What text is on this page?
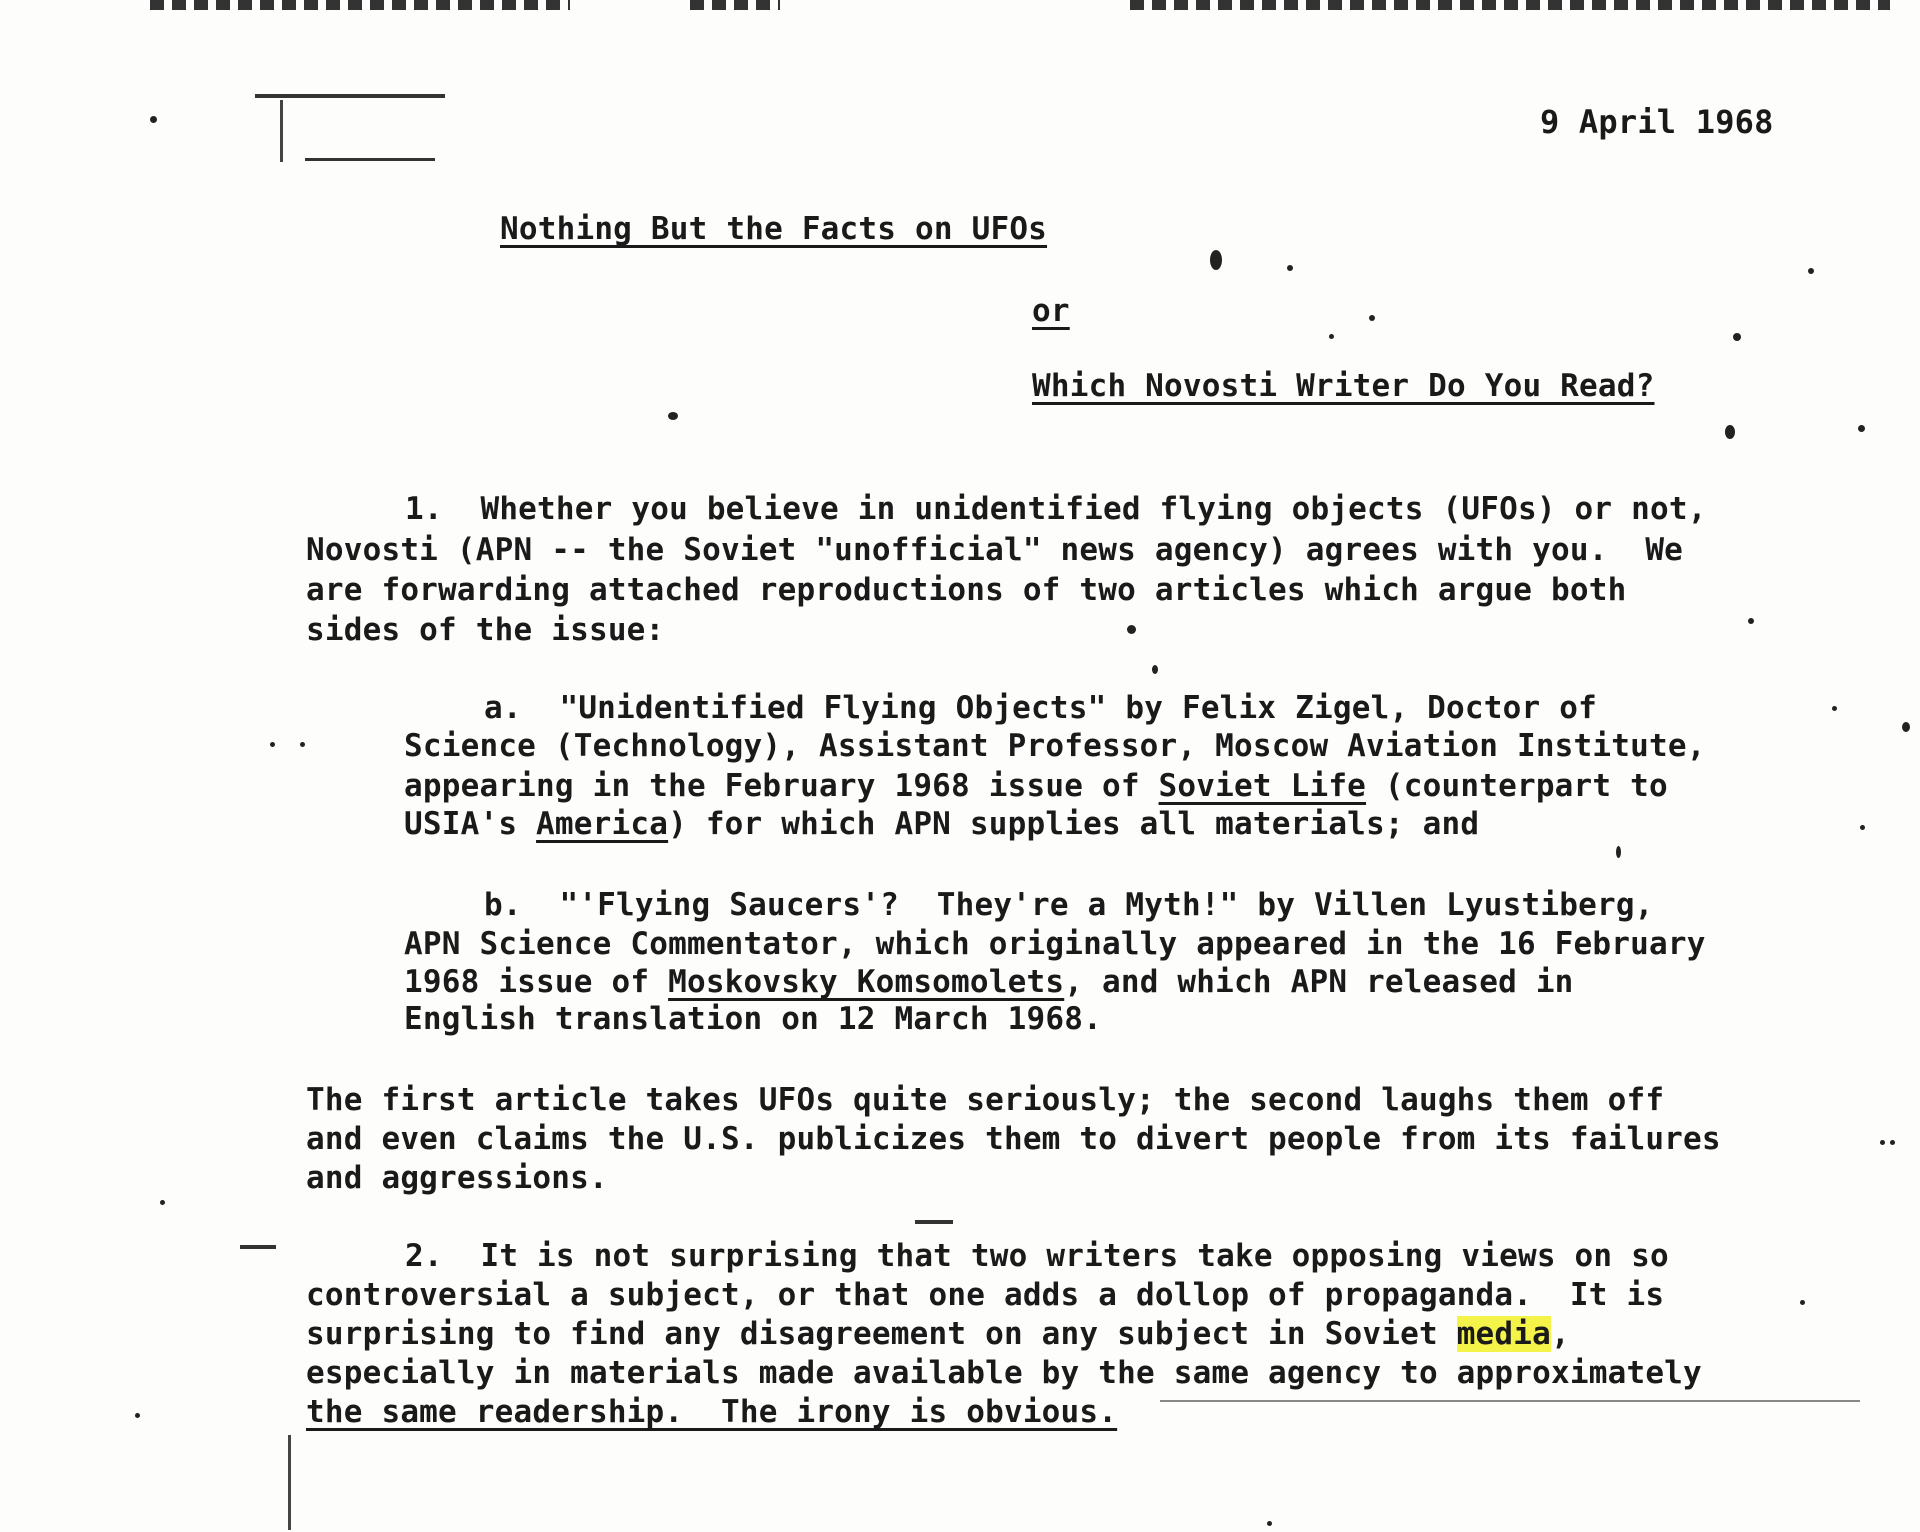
9 April 1968
Nothing But the Facts on UFOs
or
Which Novosti Writer Do You Read?
1.  Whether you believe in unidentified flying objects (UFOs) or not,
Novosti (APN -- the Soviet "unofficial" news agency) agrees with you.  We
are forwarding attached reproductions of two articles which argue both
sides of the issue:
a.  "Unidentified Flying Objects" by Felix Zigel, Doctor of
Science (Technology), Assistant Professor, Moscow Aviation Institute,
appearing in the February 1968 issue of Soviet Life (counterpart to
USIA's America) for which APN supplies all materials; and
b.  "'Flying Saucers'?  They're a Myth!" by Villen Lyustiberg,
APN Science Commentator, which originally appeared in the 16 February
1968 issue of Moskovsky Komsomolets, and which APN released in
English translation on 12 March 1968.
The first article takes UFOs quite seriously; the second laughs them off
and even claims the U.S. publicizes them to divert people from its failures
and aggressions.
2.  It is not surprising that two writers take opposing views on so
controversial a subject, or that one adds a dollop of propaganda.  It is
surprising to find any disagreement on any subject in Soviet media,
especially in materials made available by the same agency to approximately
the same readership.  The irony is obvious.
